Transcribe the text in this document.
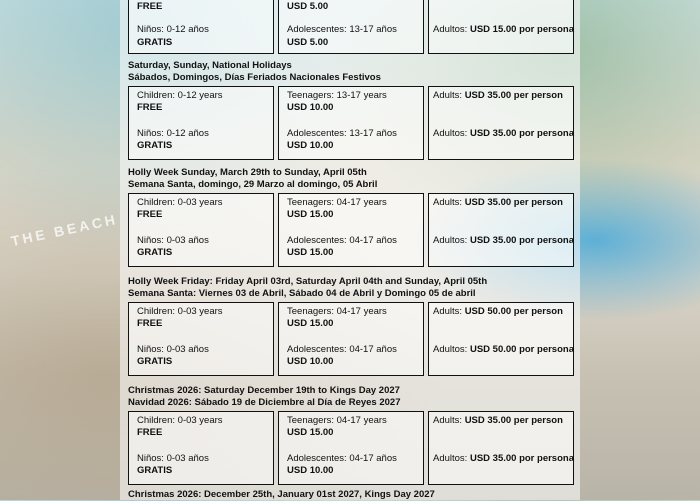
THE BEACH
FREE
Niños: 0-12 años
GRATIS
USD 5.00
Adolescentes: 13-17 años
USD 5.00
Adultos: USD 15.00 por persona
Saturday, Sunday, National Holidays
Sábados, Domingos, Días Feriados Nacionales Festivos
Children: 0-12 years
FREE
Niños: 0-12 años
GRATIS
Teenagers: 13-17 years
USD 10.00
Adolescentes: 13-17 años
USD 10.00
Adults: USD 35.00 per person
Adultos: USD 35.00 por persona
Holly Week Sunday, March 29th to Sunday, April 05th
Semana Santa, domingo, 29 Marzo al domingo, 05 Abril
Children: 0-03 years
FREE
Niños: 0-03 años
GRATIS
Teenagers: 04-17 years
USD 15.00
Adolescentes: 04-17 años
USD 15.00
Adults: USD 35.00 per person
Adultos: USD 35.00 por persona
Holly Week Friday: Friday April 03rd, Saturday April 04th and Sunday, April 05th
Semana Santa: Viernes 03 de Abril, Sábado 04 de Abril y Domingo 05 de abril
Children: 0-03 years
FREE
Niños: 0-03 años
GRATIS
Teenagers: 04-17 years
USD 15.00
Adolescentes: 04-17 años
USD 10.00
Adults: USD 50.00 per person
Adultos: USD 50.00 por persona
Christmas 2026: Saturday December 19th to Kings Day 2027
Navidad 2026: Sábado 19 de Diciembre al Día de Reyes 2027
Children: 0-03 years
FREE
Niños: 0-03 años
GRATIS
Teenagers: 04-17 years
USD 15.00
Adolescentes: 04-17 años
USD 10.00
Adults: USD 35.00 per person
Adultos: USD 35.00 por persona
Christmas 2026: December 25th, January 01st 2027, Kings Day 2027
